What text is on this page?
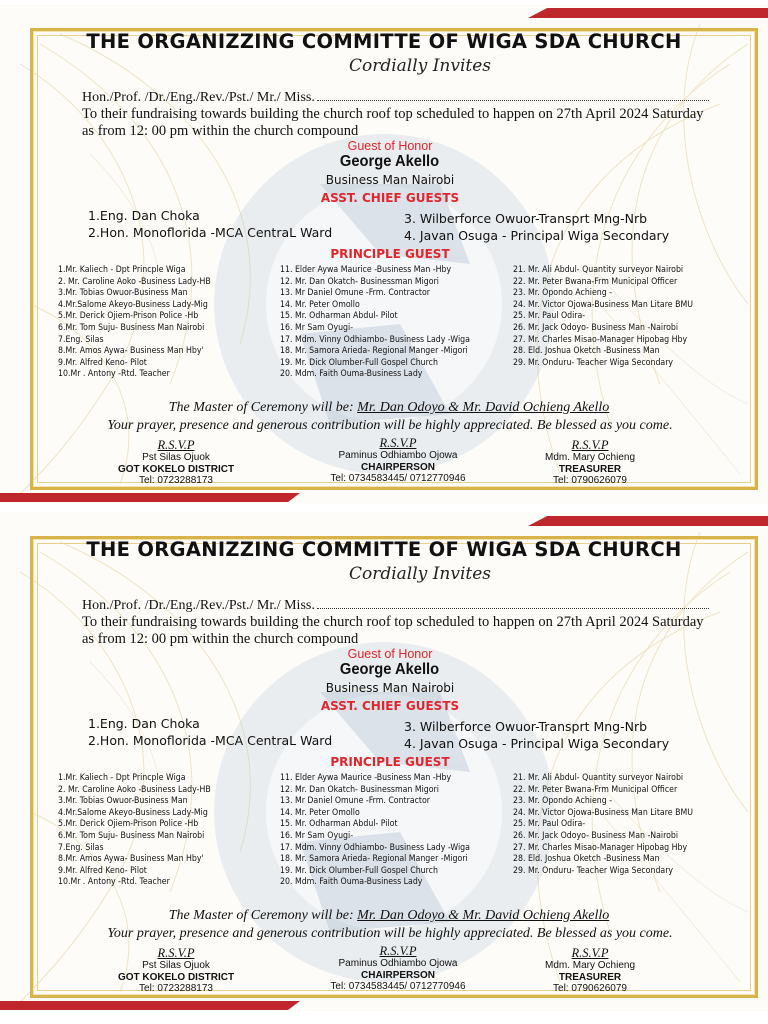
THE ORGANIZZING COMMITTE OF WIGA SDA CHURCH
Cordially Invites
Hon./Prof. /Dr./Eng./Rev./Pst./ Mr./ Miss.
To their fundraising towards building the church roof top scheduled to happen on 27th April 2024 Saturday
as from 12: 00 pm within the church compound
Guest of Honor
George Akello
Business Man Nairobi
ASST. CHIEF GUESTS
1.Eng. Dan Choka
2.Hon. Monoflorida -MCA CentraL Ward
3. Wilberforce Owuor-Transprt Mng-Nrb
4. Javan Osuga - Principal Wiga Secondary
PRINCIPLE GUEST
1.Mr. Kaliech - Dpt Princple Wiga
2. Mr. Caroline Aoko -Business Lady-HB
3.Mr. Tobias Owuor-Business Man
4.Mr.Salome Akeyo-Business Lady-Mig
5.Mr. Derick Ojiem-Prison Police -Hb
6.Mr. Tom Suju- Business Man Nairobi
7.Eng. Silas
8.Mr. Amos Aywa- Business Man Hby'
9.Mr. Alfred Keno- Pilot
10.Mr . Antony -Rtd. Teacher
11. Elder Aywa Maurice -Business Man -Hby
12. Mr. Dan Okatch- Businessman Migori
13. Mr Daniel Omune -Frm. Contractor
14. Mr. Peter Omollo
15. Mr. Odharman Abdul- Pilot
16. Mr Sam Oyugi-
17. Mdm. Vinny Odhiambo- Business Lady -Wiga
18. Mr. Samora Arieda- Regional Manger -Migori
19. Mr. Dick Olumber-Full Gospel Church
20. Mdm. Faith Ouma-Business Lady
21. Mr. Ali Abdul- Quantity surveyor Nairobi
22. Mr. Peter Bwana-Frm Municipal Officer
23. Mr. Opondo Achieng -
24. Mr. Victor Ojowa-Business Man Litare BMU
25. Mr. Paul Odira-
26. Mr. Jack Odoyo- Business Man -Nairobi
27. Mr. Charles Misao-Manager Hipobag Hby
28. Eld. Joshua Oketch -Business Man
29. Mr. Onduru- Teacher Wiga Secondary
The Master of Ceremony will be: Mr. Dan Odoyo & Mr. David Ochieng Akello
Your prayer, presence and generous contribution will be highly appreciated. Be blessed as you come.
R.S.V.P
Pst Silas Ojuok
GOT KOKELO DISTRICT
Tel: 0723288173
R.S.V.P
Paminus Odhiambo Ojowa
CHAIRPERSON
Tel: 0734583445/ 0712770946
R.S.V.P
Mdm. Mary Ochieng
TREASURER
Tel: 0790626079
THE ORGANIZZING COMMITTE OF WIGA SDA CHURCH
Cordially Invites
Hon./Prof. /Dr./Eng./Rev./Pst./ Mr./ Miss.
To their fundraising towards building the church roof top scheduled to happen on 27th April 2024 Saturday
as from 12: 00 pm within the church compound
Guest of Honor
George Akello
Business Man Nairobi
ASST. CHIEF GUESTS
1.Eng. Dan Choka
2.Hon. Monoflorida -MCA CentraL Ward
3. Wilberforce Owuor-Transprt Mng-Nrb
4. Javan Osuga - Principal Wiga Secondary
PRINCIPLE GUEST
1.Mr. Kaliech - Dpt Princple Wiga
2. Mr. Caroline Aoko -Business Lady-HB
3.Mr. Tobias Owuor-Business Man
4.Mr.Salome Akeyo-Business Lady-Mig
5.Mr. Derick Ojiem-Prison Police -Hb
6.Mr. Tom Suju- Business Man Nairobi
7.Eng. Silas
8.Mr. Amos Aywa- Business Man Hby'
9.Mr. Alfred Keno- Pilot
10.Mr . Antony -Rtd. Teacher
11. Elder Aywa Maurice -Business Man -Hby
12. Mr. Dan Okatch- Businessman Migori
13. Mr Daniel Omune -Frm. Contractor
14. Mr. Peter Omollo
15. Mr. Odharman Abdul- Pilot
16. Mr Sam Oyugi-
17. Mdm. Vinny Odhiambo- Business Lady -Wiga
18. Mr. Samora Arieda- Regional Manger -Migori
19. Mr. Dick Olumber-Full Gospel Church
20. Mdm. Faith Ouma-Business Lady
21. Mr. Ali Abdul- Quantity surveyor Nairobi
22. Mr. Peter Bwana-Frm Municipal Officer
23. Mr. Opondo Achieng -
24. Mr. Victor Ojowa-Business Man Litare BMU
25. Mr. Paul Odira-
26. Mr. Jack Odoyo- Business Man -Nairobi
27. Mr. Charles Misao-Manager Hipobag Hby
28. Eld. Joshua Oketch -Business Man
29. Mr. Onduru- Teacher Wiga Secondary
The Master of Ceremony will be: Mr. Dan Odoyo & Mr. David Ochieng Akello
Your prayer, presence and generous contribution will be highly appreciated. Be blessed as you come.
R.S.V.P
Pst Silas Ojuok
GOT KOKELO DISTRICT
Tel: 0723288173
R.S.V.P
Paminus Odhiambo Ojowa
CHAIRPERSON
Tel: 0734583445/ 0712770946
R.S.V.P
Mdm. Mary Ochieng
TREASURER
Tel: 0790626079
